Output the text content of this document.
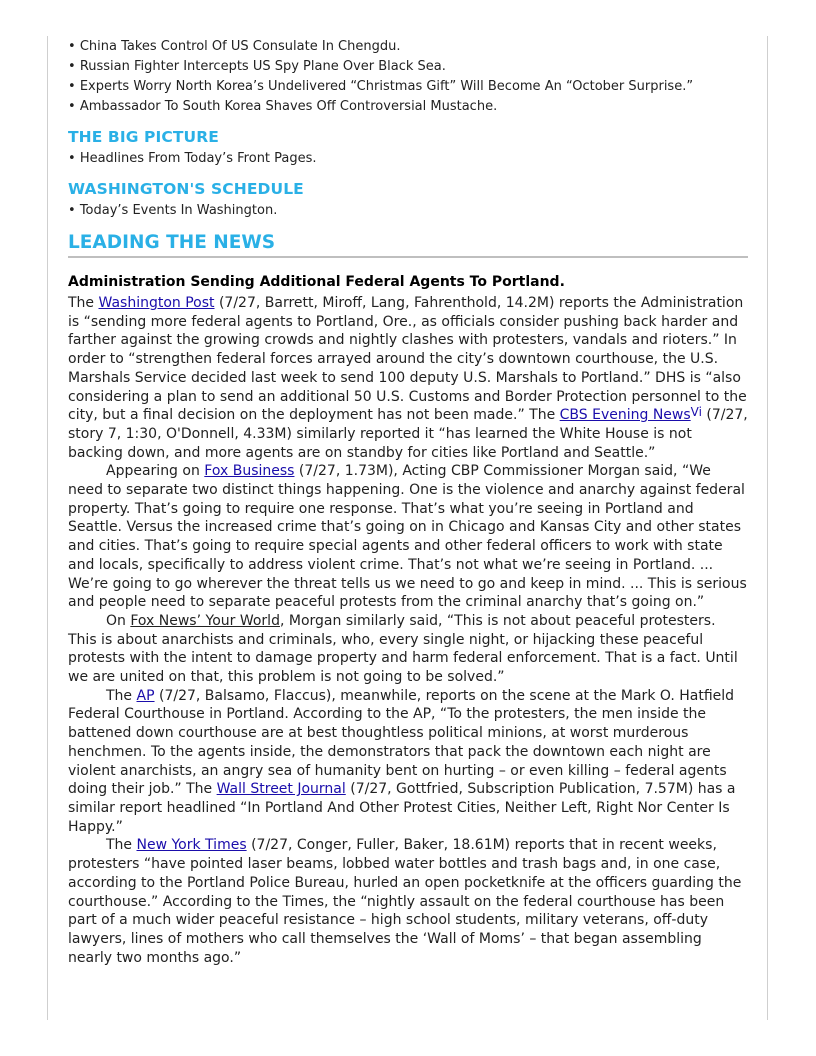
• China Takes Control Of US Consulate In Chengdu.
• Russian Fighter Intercepts US Spy Plane Over Black Sea.
• Experts Worry North Korea’s Undelivered “Christmas Gift” Will Become An “October Surprise.”
• Ambassador To South Korea Shaves Off Controversial Mustache.
THE BIG PICTURE
• Headlines From Today’s Front Pages.
WASHINGTON'S SCHEDULE
• Today’s Events In Washington.
LEADING THE NEWS
Administration Sending Additional Federal Agents To Portland.

The Washington Post (7/27, Barrett, Miroff, Lang, Fahrenthold, 14.2M) reports the Administration is “sending more federal agents to Portland, Ore., as officials consider pushing back harder and farther against the growing crowds and nightly clashes with protesters, vandals and rioters.” In order to “strengthen federal forces arrayed around the city’s downtown courthouse, the U.S. Marshals Service decided last week to send 100 deputy U.S. Marshals to Portland.” DHS is “also considering a plan to send an additional 50 U.S. Customs and Border Protection personnel to the city, but a final decision on the deployment has not been made.” The CBS Evening News$^{Vi}$ (7/27, story 7, 1:30, O'Donnell, 4.33M) similarly reported it “has learned the White House is not backing down, and more agents are on standby for cities like Portland and Seattle.”

Appearing on Fox Business (7/27, 1.73M), Acting CBP Commissioner Morgan said, “We need to separate two distinct things happening. One is the violence and anarchy against federal property. That’s going to require one response. That’s what you’re seeing in Portland and Seattle. Versus the increased crime that’s going on in Chicago and Kansas City and other states and cities. That’s going to require special agents and other federal officers to work with state and locals, specifically to address violent crime. That’s not what we’re seeing in Portland. ... We’re going to go wherever the threat tells us we need to go and keep in mind. ... This is serious and people need to separate peaceful protests from the criminal anarchy that’s going on.”

On Fox News’ Your World, Morgan similarly said, “This is not about peaceful protesters. This is about anarchists and criminals, who, every single night, or hijacking these peaceful protests with the intent to damage property and harm federal enforcement. That is a fact. Until we are united on that, this problem is not going to be solved.”

The AP (7/27, Balsamo, Flaccus), meanwhile, reports on the scene at the Mark O. Hatfield Federal Courthouse in Portland. According to the AP, “To the protesters, the men inside the battened down courthouse are at best thoughtless political minions, at worst murderous henchmen. To the agents inside, the demonstrators that pack the downtown each night are violent anarchists, an angry sea of humanity bent on hurting – or even killing – federal agents doing their job.” The Wall Street Journal (7/27, Gottfried, Subscription Publication, 7.57M) has a similar report headlined “In Portland And Other Protest Cities, Neither Left, Right Nor Center Is Happy.”

The New York Times (7/27, Conger, Fuller, Baker, 18.61M) reports that in recent weeks, protesters “have pointed laser beams, lobbed water bottles and trash bags and, in one case, according to the Portland Police Bureau, hurled an open pocketknife at the officers guarding the courthouse.” According to the Times, the “nightly assault on the federal courthouse has been part of a much wider peaceful resistance – high school students, military veterans, off-duty lawyers, lines of mothers who call themselves the ‘Wall of Moms’ – that began assembling nearly two months ago.”
